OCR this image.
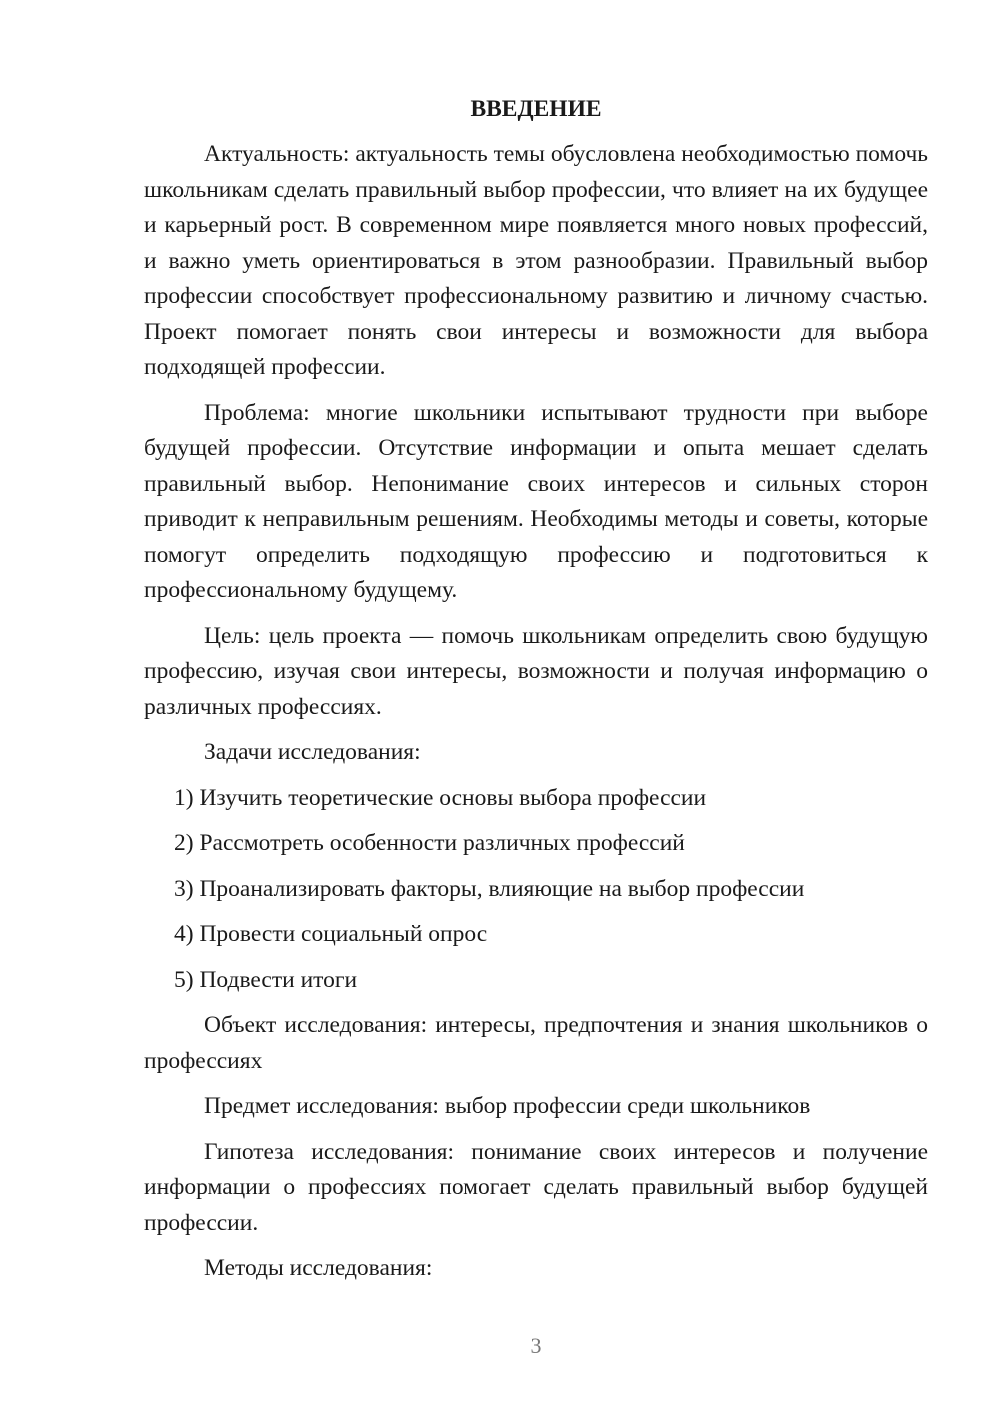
ВВЕДЕНИЕ

Актуальность: актуальность темы обусловлена необходимостью помочь школьникам сделать правильный выбор профессии, что влияет на их будущее и карьерный рост. В современном мире появляется много новых профессий, и важно уметь ориентироваться в этом разнообразии. Правильный выбор профессии способствует профессиональному развитию и личному счастью. Проект помогает понять свои интересы и возможности для выбора подходящей профессии.

Проблема: многие школьники испытывают трудности при выборе будущей профессии. Отсутствие информации и опыта мешает сделать правильный выбор. Непонимание своих интересов и сильных сторон приводит к неправильным решениям. Необходимы методы и советы, которые помогут определить подходящую профессию и подготовиться к профессиональному будущему.

Цель: цель проекта — помочь школьникам определить свою будущую профессию, изучая свои интересы, возможности и получая информацию о различных профессиях.

Задачи исследования:

1) Изучить теоретические основы выбора профессии
2) Рассмотреть особенности различных профессий
3) Проанализировать факторы, влияющие на выбор профессии
4) Провести социальный опрос
5) Подвести итоги

Объект исследования: интересы, предпочтения и знания школьников о профессиях

Предмет исследования: выбор профессии среди школьников

Гипотеза исследования: понимание своих интересов и получение информации о профессиях помогает сделать правильный выбор будущей профессии.

Методы исследования:

3
